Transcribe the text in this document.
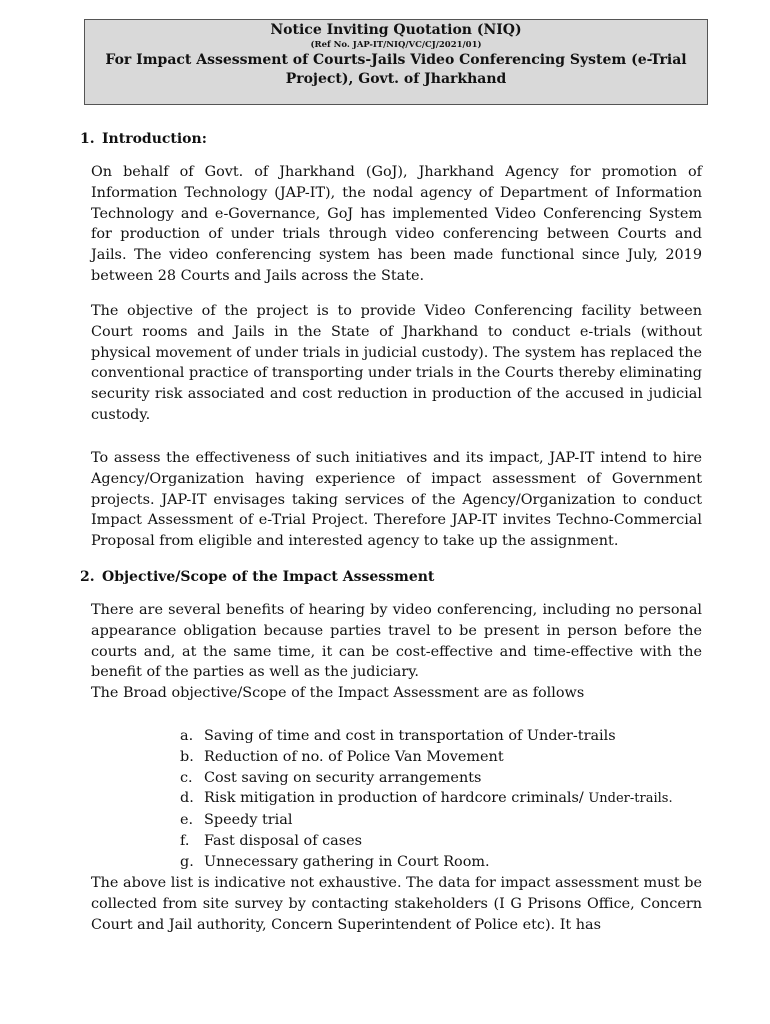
Notice Inviting Quotation (NIQ)
(Ref No. JAP-IT/NIQ/VC/CJ/2021/01)
For Impact Assessment of Courts-Jails Video Conferencing System (e-Trial Project), Govt. of Jharkhand
1. Introduction:

On behalf of Govt. of Jharkhand (GoJ), Jharkhand Agency for promotion of Information Technology (JAP-IT), the nodal agency of Department of Information Technology and e-Governance, GoJ has implemented Video Conferencing System for production of under trials through video conferencing between Courts and Jails. The video conferencing system has been made functional since July, 2019 between 28 Courts and Jails across the State.

The objective of the project is to provide Video Conferencing facility between Court rooms and Jails in the State of Jharkhand to conduct e-trials (without physical movement of under trials in judicial custody). The system has replaced the conventional practice of transporting under trials in the Courts thereby eliminating security risk associated and cost reduction in production of the accused in judicial custody.

To assess the effectiveness of such initiatives and its impact, JAP-IT intend to hire Agency/Organization having experience of impact assessment of Government projects. JAP-IT envisages taking services of the Agency/Organization to conduct Impact Assessment of e-Trial Project. Therefore JAP-IT invites Techno-Commercial Proposal from eligible and interested agency to take up the assignment.

2. Objective/Scope of the Impact Assessment

There are several benefits of hearing by video conferencing, including no personal appearance obligation because parties travel to be present in person before the courts and, at the same time, it can be cost-effective and time-effective with the benefit of the parties as well as the judiciary.

The Broad objective/Scope of the Impact Assessment are as follows

a. Saving of time and cost in transportation of Under-trails
b. Reduction of no. of Police Van Movement
c. Cost saving on security arrangements
d. Risk mitigation in production of hardcore criminals/ Under-trails.
e. Speedy trial
f. Fast disposal of cases
g. Unnecessary gathering in Court Room.

The above list is indicative not exhaustive. The data for impact assessment must be collected from site survey by contacting stakeholders (I G Prisons Office, Concern Court and Jail authority, Concern Superintendent of Police etc). It has
